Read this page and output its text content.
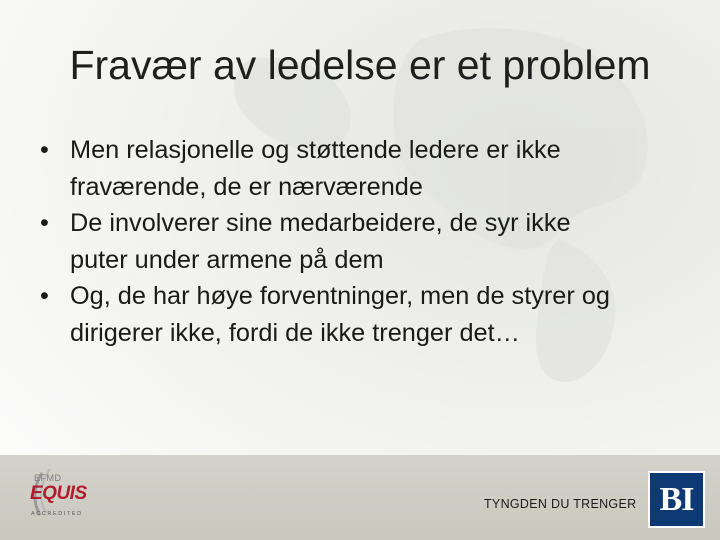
Fravær av ledelse er et problem
• Men relasjonelle og støttende ledere er ikke fraværende, de er nærværende
• De involverer sine medarbeidere, de syr ikke puter under armene på dem
• Og, de har høye forventninger, men de styrer og dirigerer ikke, fordi de ikke trenger det…
EFMD
EQUIS
ACCREDITED
TYNGDEN DU TRENGER BI
